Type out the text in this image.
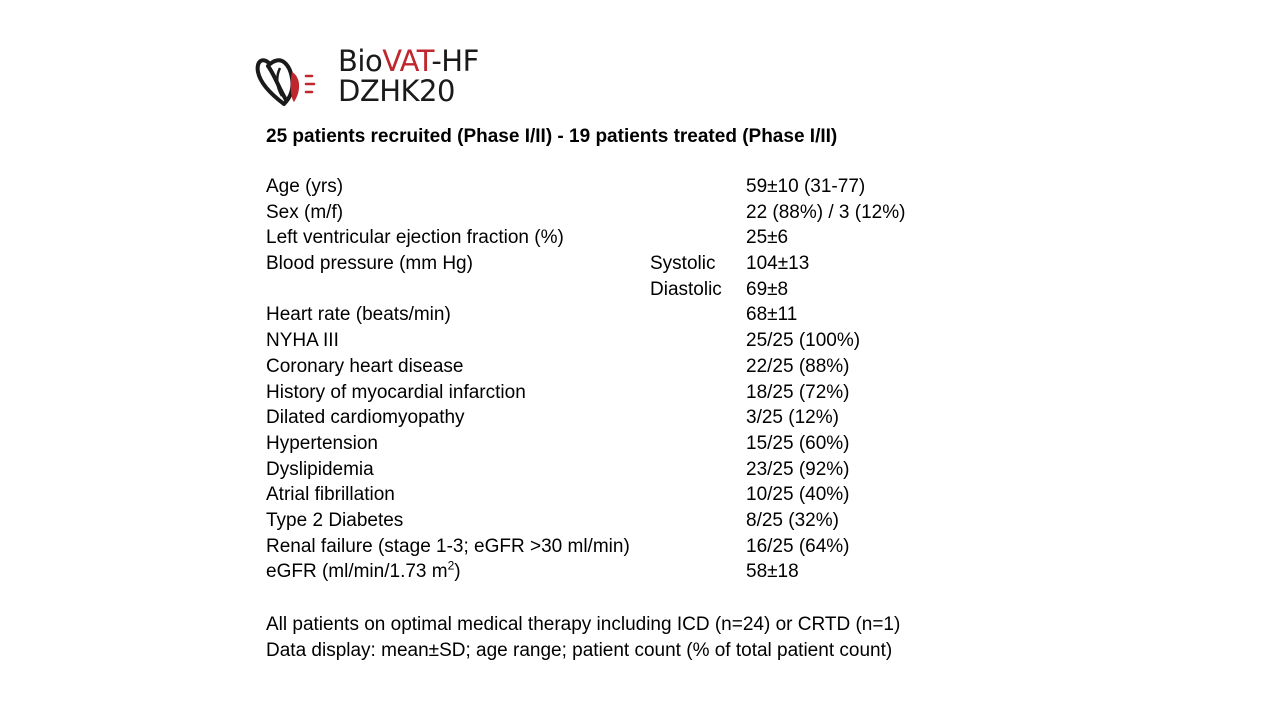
BioVAT-HF
DZHK20
25 patients recruited (Phase I/II) - 19 patients treated (Phase I/II)
Age (yrs)	59±10 (31-77)
Sex (m/f)	22 (88%) / 3 (12%)
Left ventricular ejection fraction (%)	25±6
Blood pressure (mm Hg)	Systolic 104±13
Diastolic 69±8
Heart rate (beats/min)	68±11
NYHA III	25/25 (100%)
Coronary heart disease	22/25 (88%)
History of myocardial infarction	18/25 (72%)
Dilated cardiomyopathy	3/25 (12%)
Hypertension	15/25 (60%)
Dyslipidemia	23/25 (92%)
Atrial fibrillation	10/25 (40%)
Type 2 Diabetes	8/25 (32%)
Renal failure (stage 1-3; eGFR >30 ml/min)	16/25 (64%)
eGFR (ml/min/1.73 $m^2$)	58±18
All patients on optimal medical therapy including ICD (n=24) or CRTD (n=1)
Data display: mean±SD; age range; patient count (% of total patient count)
